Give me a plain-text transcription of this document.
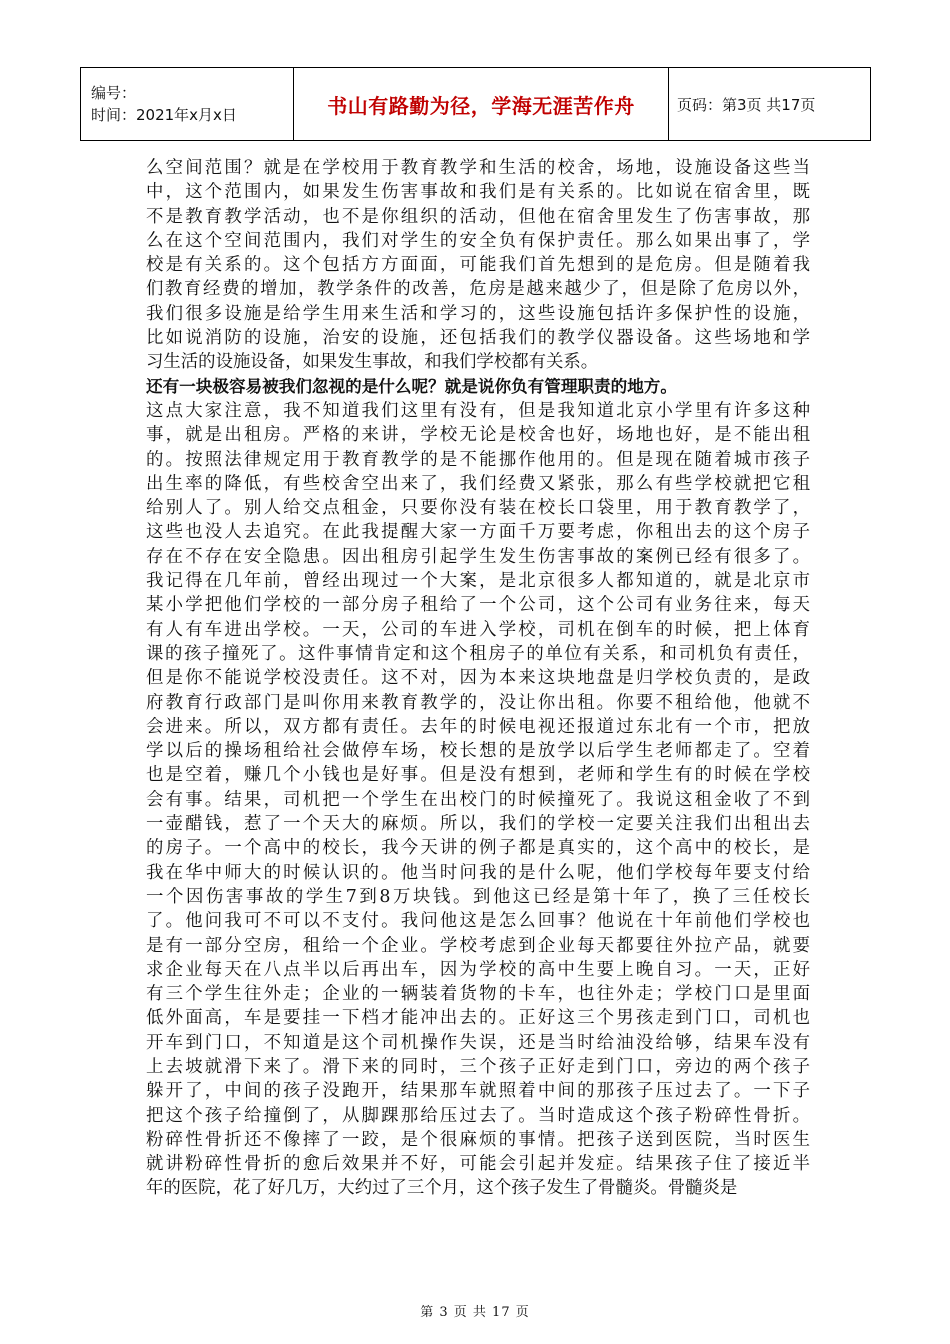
编号：
时间：2021年x月x日	书山有路勤为径，学海无涯苦作舟	页码：第3页 共17页
么空间范围？就是在学校用于教育教学和生活的校舍，场地，设施设备这些当
中，这个范围内，如果发生伤害事故和我们是有关系的。比如说在宿舍里，既
不是教育教学活动，也不是你组织的活动，但他在宿舍里发生了伤害事故，那
么在这个空间范围内，我们对学生的安全负有保护责任。那么如果出事了，学
校是有关系的。这个包括方方面面，可能我们首先想到的是危房。但是随着我
们教育经费的增加，教学条件的改善，危房是越来越少了，但是除了危房以外，
我们很多设施是给学生用来生活和学习的，这些设施包括许多保护性的设施，
比如说消防的设施，治安的设施，还包括我们的教学仪器设备。这些场地和学
习生活的设施设备，如果发生事故，和我们学校都有关系。
还有一块极容易被我们忽视的是什么呢？就是说你负有管理职责的地方。
这点大家注意，我不知道我们这里有没有，但是我知道北京小学里有许多这种
事，就是出租房。严格的来讲，学校无论是校舍也好，场地也好，是不能出租
的。按照法律规定用于教育教学的是不能挪作他用的。但是现在随着城市孩子
出生率的降低，有些校舍空出来了，我们经费又紧张，那么有些学校就把它租
给别人了。别人给交点租金，只要你没有装在校长口袋里，用于教育教学了，
这些也没人去追究。在此我提醒大家一方面千万要考虑，你租出去的这个房子
存在不存在安全隐患。因出租房引起学生发生伤害事故的案例已经有很多了。
我记得在几年前，曾经出现过一个大案，是北京很多人都知道的，就是北京市
某小学把他们学校的一部分房子租给了一个公司，这个公司有业务往来，每天
有人有车进出学校。一天，公司的车进入学校，司机在倒车的时候，把上体育
课的孩子撞死了。这件事情肯定和这个租房子的单位有关系，和司机负有责任，
但是你不能说学校没责任。这不对，因为本来这块地盘是归学校负责的，是政
府教育行政部门是叫你用来教育教学的，没让你出租。你要不租给他，他就不
会进来。所以，双方都有责任。去年的时候电视还报道过东北有一个市，把放
学以后的操场租给社会做停车场，校长想的是放学以后学生老师都走了。空着
也是空着，赚几个小钱也是好事。但是没有想到，老师和学生有的时候在学校
会有事。结果，司机把一个学生在出校门的时候撞死了。我说这租金收了不到
一壶醋钱，惹了一个天大的麻烦。所以，我们的学校一定要关注我们出租出去
的房子。一个高中的校长，我今天讲的例子都是真实的，这个高中的校长，是
我在华中师大的时候认识的。他当时问我的是什么呢，他们学校每年要支付给
一个因伤害事故的学生7到8万块钱。到他这已经是第十年了，换了三任校长
了。他问我可不可以不支付。我问他这是怎么回事？他说在十年前他们学校也
是有一部分空房，租给一个企业。学校考虑到企业每天都要往外拉产品，就要
求企业每天在八点半以后再出车，因为学校的高中生要上晚自习。一天，正好
有三个学生往外走；企业的一辆装着货物的卡车，也往外走；学校门口是里面
低外面高，车是要挂一下档才能冲出去的。正好这三个男孩走到门口，司机也
开车到门口，不知道是这个司机操作失误，还是当时给油没给够，结果车没有
上去坡就滑下来了。滑下来的同时，三个孩子正好走到门口，旁边的两个孩子
躲开了，中间的孩子没跑开，结果那车就照着中间的那孩子压过去了。一下子
把这个孩子给撞倒了，从脚踝那给压过去了。当时造成这个孩子粉碎性骨折。
粉碎性骨折还不像摔了一跤，是个很麻烦的事情。把孩子送到医院，当时医生
就讲粉碎性骨折的愈后效果并不好，可能会引起并发症。结果孩子住了接近半
年的医院，花了好几万，大约过了三个月，这个孩子发生了骨髓炎。骨髓炎是
第 3 页 共 17 页
